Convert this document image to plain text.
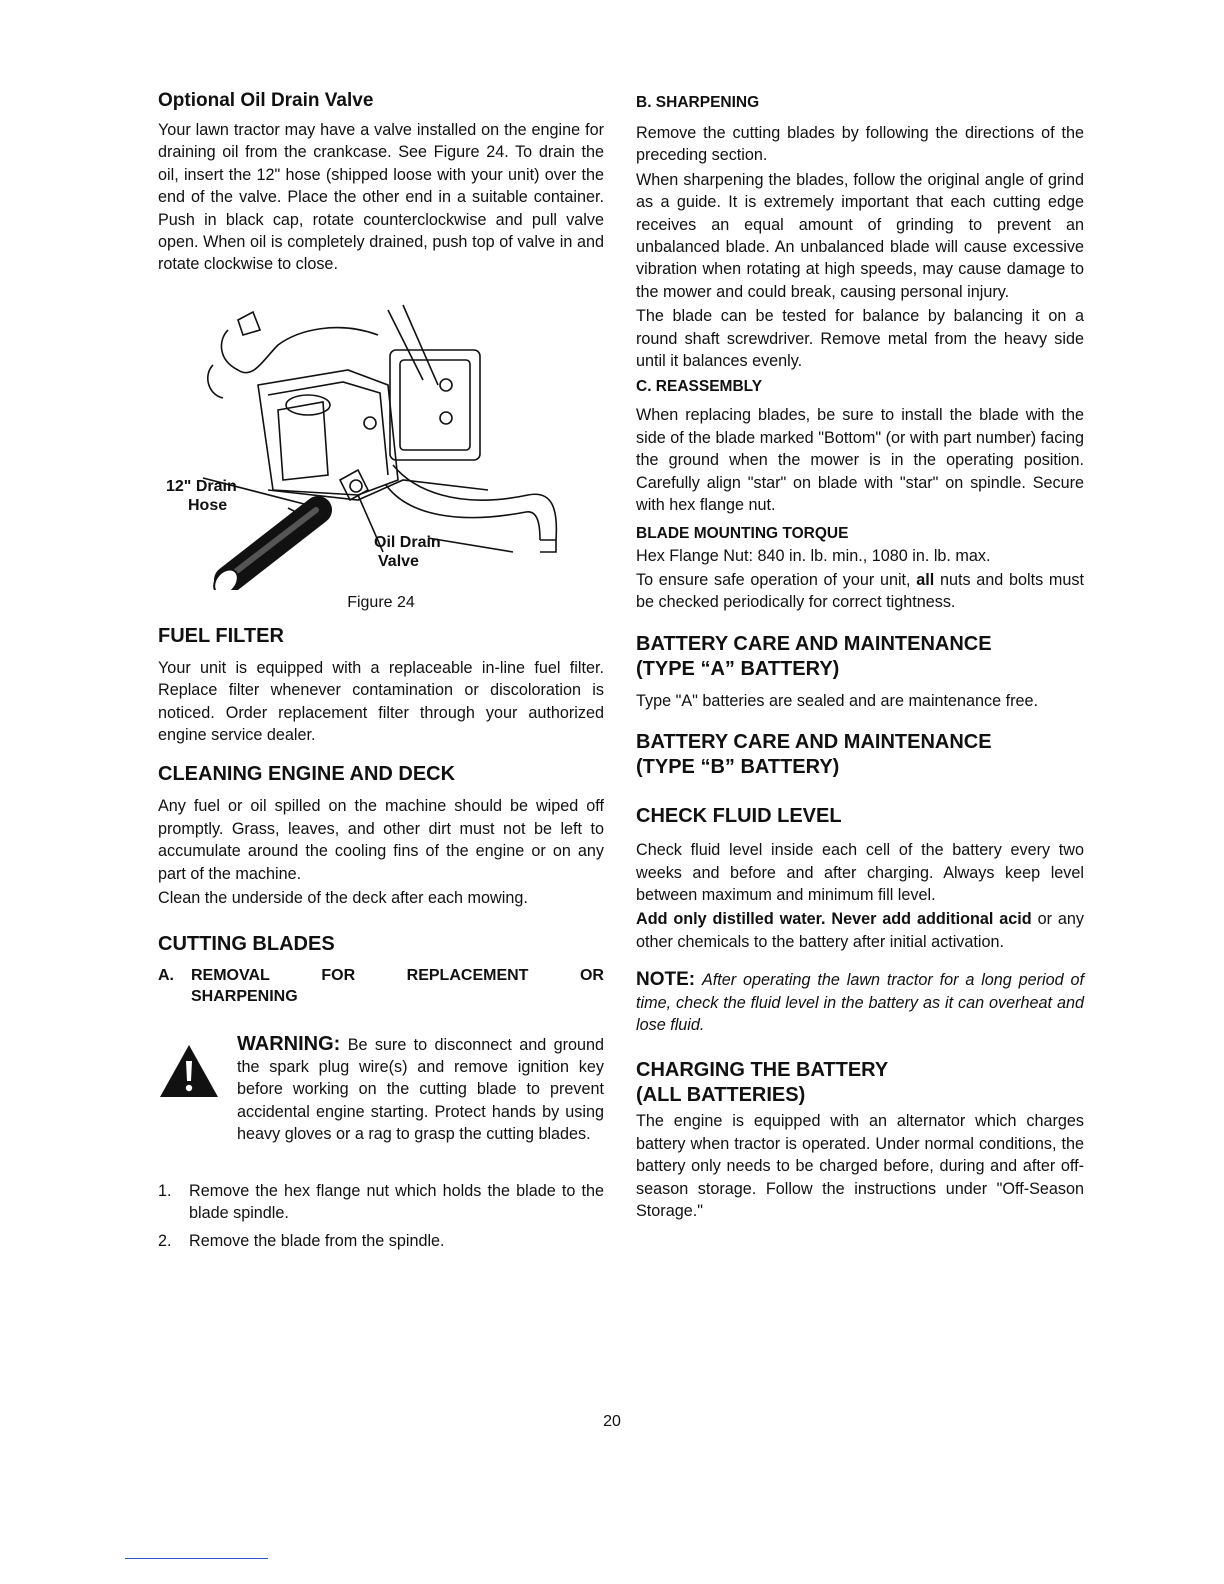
Optional Oil Drain Valve

Your lawn tractor may have a valve installed on the engine for draining oil from the crankcase. See Figure 24. To drain the oil, insert the 12" hose (shipped loose with your unit) over the end of the valve. Place the other end in a suitable container. Push in black cap, rotate counterclockwise and pull valve open. When oil is completely drained, push top of valve in and rotate clockwise to close.

12" Drain
Hose
Oil Drain
Valve
Figure 24
FUEL FILTER

Your unit is equipped with a replaceable in-line fuel filter. Replace filter whenever contamination or discoloration is noticed. Order replacement filter through your authorized engine service dealer.

CLEANING ENGINE AND DECK

Any fuel or oil spilled on the machine should be wiped off promptly. Grass, leaves, and other dirt must not be left to accumulate around the cooling fins of the engine or on any part of the machine.

Clean the underside of the deck after each mowing.

CUTTING BLADES
A. REMOVAL	FOR	REPLACEMENT	OR
SHARPENING

WARNING: Be sure to disconnect and ground the spark plug wire(s) and remove ignition key before working on the cutting blade to prevent accidental engine starting. Protect hands by using heavy gloves or a rag to grasp the cutting blades.

1. Remove the hex flange nut which holds the blade to the blade spindle.
2. Remove the blade from the spindle.
B. SHARPENING

Remove the cutting blades by following the directions of the preceding section.

When sharpening the blades, follow the original angle of grind as a guide. It is extremely important that each cutting edge receives an equal amount of grinding to prevent an unbalanced blade. An unbalanced blade will cause excessive vibration when rotating at high speeds, may cause damage to the mower and could break, causing personal injury.

The blade can be tested for balance by balancing it on a round shaft screwdriver. Remove metal from the heavy side until it balances evenly.

C. REASSEMBLY

When replacing blades, be sure to install the blade with the side of the blade marked "Bottom" (or with part number) facing the ground when the mower is in the operating position. Carefully align "star" on blade with "star" on spindle. Secure with hex flange nut.

BLADE MOUNTING TORQUE

Hex Flange Nut: 840 in. lb. min., 1080 in. lb. max.

To ensure safe operation of your unit, all nuts and bolts must be checked periodically for correct tightness.

BATTERY CARE AND MAINTENANCE
(TYPE “A” BATTERY)

Type "A" batteries are sealed and are maintenance free.

BATTERY CARE AND MAINTENANCE
(TYPE “B” BATTERY)
CHECK FLUID LEVEL

Check fluid level inside each cell of the battery every two weeks and before and after charging. Always keep level between maximum and minimum fill level.

Add only distilled water. Never add additional acid or any other chemicals to the battery after initial activation.

NOTE: After operating the lawn tractor for a long period of time, check the fluid level in the battery as it can overheat and lose fluid.

CHARGING THE BATTERY
(ALL BATTERIES)

The engine is equipped with an alternator which charges battery when tractor is operated. Under normal conditions, the battery only needs to be charged before, during and after off-season storage. Follow the instructions under "Off-Season Storage."

20
